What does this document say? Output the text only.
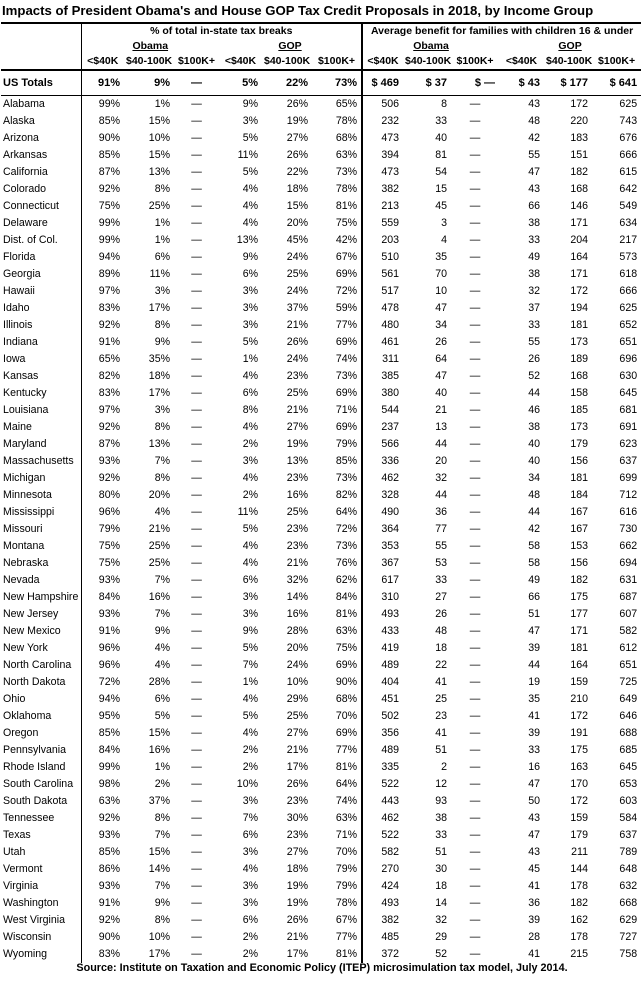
Impacts of President Obama's and House GOP Tax Credit Proposals in 2018, by Income Group
	% of total in-state tax breaks						Average benefit for families with children 16 & under					
	Obama			GOP			Obama			GOP		
	<$40K	$40-100K	$100K+	<$40K	$40-100K	$100K+	<$40K	$40-100K	$100K+	<$40K	$40-100K	$100K+
US Totals	91%	9%	—	5%	22%	73%	$ 469	$ 37	$ —	$ 43	$ 177	$ 641
Alabama	99%	1%	—	9%	26%	65%	506	8	—	43	172	625
Alaska	85%	15%	—	3%	19%	78%	232	33	—	48	220	743
Arizona	90%	10%	—	5%	27%	68%	473	40	—	42	183	676
Arkansas	85%	15%	—	11%	26%	63%	394	81	—	55	151	666
California	87%	13%	—	5%	22%	73%	473	54	—	47	182	615
Colorado	92%	8%	—	4%	18%	78%	382	15	—	43	168	642
Connecticut	75%	25%	—	4%	15%	81%	213	45	—	66	146	549
Delaware	99%	1%	—	4%	20%	75%	559	3	—	38	171	634
Dist. of Col.	99%	1%	—	13%	45%	42%	203	4	—	33	204	217
Florida	94%	6%	—	9%	24%	67%	510	35	—	49	164	573
Georgia	89%	11%	—	6%	25%	69%	561	70	—	38	171	618
Hawaii	97%	3%	—	3%	24%	72%	517	10	—	32	172	666
Idaho	83%	17%	—	3%	37%	59%	478	47	—	37	194	625
Illinois	92%	8%	—	3%	21%	77%	480	34	—	33	181	652
Indiana	91%	9%	—	5%	26%	69%	461	26	—	55	173	651
Iowa	65%	35%	—	1%	24%	74%	311	64	—	26	189	696
Kansas	82%	18%	—	4%	23%	73%	385	47	—	52	168	630
Kentucky	83%	17%	—	6%	25%	69%	380	40	—	44	158	645
Louisiana	97%	3%	—	8%	21%	71%	544	21	—	46	185	681
Maine	92%	8%	—	4%	27%	69%	237	13	—	38	173	691
Maryland	87%	13%	—	2%	19%	79%	566	44	—	40	179	623
Massachusetts	93%	7%	—	3%	13%	85%	336	20	—	40	156	637
Michigan	92%	8%	—	4%	23%	73%	462	32	—	34	181	699
Minnesota	80%	20%	—	2%	16%	82%	328	44	—	48	184	712
Mississippi	96%	4%	—	11%	25%	64%	490	36	—	44	167	616
Missouri	79%	21%	—	5%	23%	72%	364	77	—	42	167	730
Montana	75%	25%	—	4%	23%	73%	353	55	—	58	153	662
Nebraska	75%	25%	—	4%	21%	76%	367	53	—	58	156	694
Nevada	93%	7%	—	6%	32%	62%	617	33	—	49	182	631
New Hampshire	84%	16%	—	3%	14%	84%	310	27	—	66	175	687
New Jersey	93%	7%	—	3%	16%	81%	493	26	—	51	177	607
New Mexico	91%	9%	—	9%	28%	63%	433	48	—	47	171	582
New York	96%	4%	—	5%	20%	75%	419	18	—	39	181	612
North Carolina	96%	4%	—	7%	24%	69%	489	22	—	44	164	651
North Dakota	72%	28%	—	1%	10%	90%	404	41	—	19	159	725
Ohio	94%	6%	—	4%	29%	68%	451	25	—	35	210	649
Oklahoma	95%	5%	—	5%	25%	70%	502	23	—	41	172	646
Oregon	85%	15%	—	4%	27%	69%	356	41	—	39	191	688
Pennsylvania	84%	16%	—	2%	21%	77%	489	51	—	33	175	685
Rhode Island	99%	1%	—	2%	17%	81%	335	2	—	16	163	645
South Carolina	98%	2%	—	10%	26%	64%	522	12	—	47	170	653
South Dakota	63%	37%	—	3%	23%	74%	443	93	—	50	172	603
Tennessee	92%	8%	—	7%	30%	63%	462	38	—	43	159	584
Texas	93%	7%	—	6%	23%	71%	522	33	—	47	179	637
Utah	85%	15%	—	3%	27%	70%	582	51	—	43	211	789
Vermont	86%	14%	—	4%	18%	79%	270	30	—	45	144	648
Virginia	93%	7%	—	3%	19%	79%	424	18	—	41	178	632
Washington	91%	9%	—	3%	19%	78%	493	14	—	36	182	668
West Virginia	92%	8%	—	6%	26%	67%	382	32	—	39	162	629
Wisconsin	90%	10%	—	2%	21%	77%	485	29	—	28	178	727
Wyoming	83%	17%	—	2%	17%	81%	372	52	—	41	215	758
Source: Institute on Taxation and Economic Policy (ITEP) microsimulation tax model, July 2014.
